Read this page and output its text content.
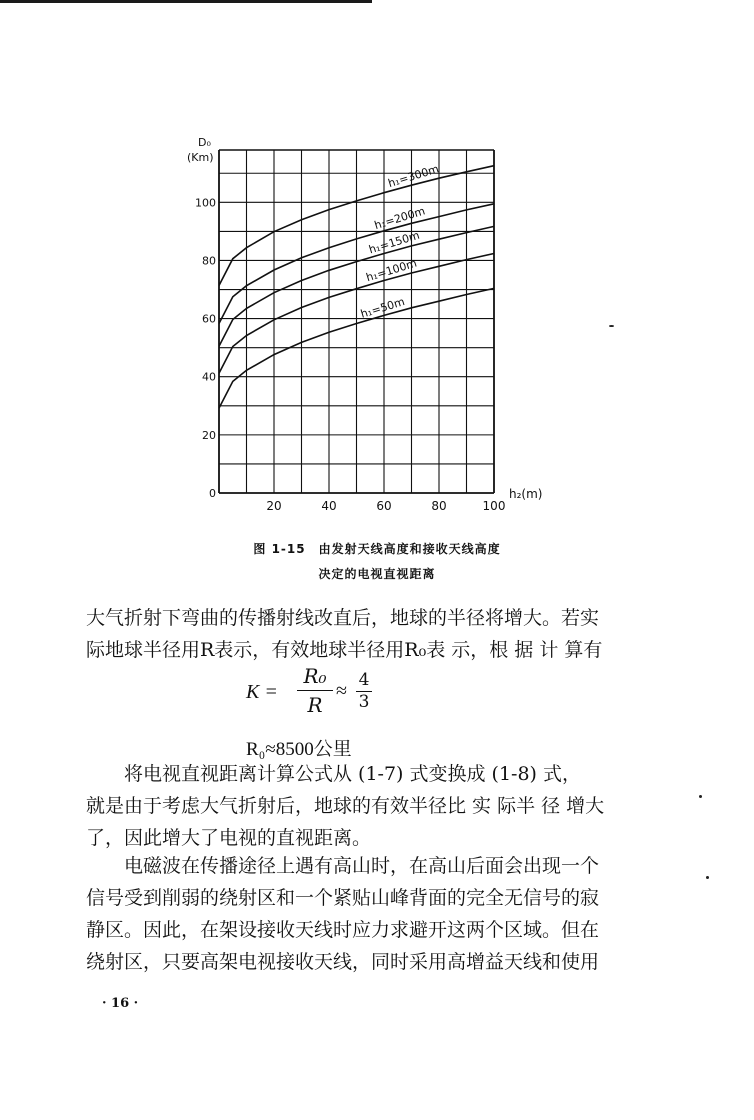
D₀
(Km)
h₂(m)
20	40	60	80	100
0
20
40
60
80
100
h₁=300m
h₁=200m
h₁=150m
h₁=100m
h₁=50m
图 1-15　由发射天线高度和接收天线高度
决定的电视直视距离

大气折射下弯曲的传播射线改直后，地球的半径将增大。若实
际地球半径用R表示，有效地球半径用R₀表 示，根 据 计 算有

$K = \frac{\text{R₀}}{R} \approx 4$
3
R₀≈8500公里

将电视直视距离计算公式从 (1-7) 式变换成 (1-8) 式，
就是由于考虑大气折射后，地球的有效半径比 实 际半 径 增大
了，因此增大了电视的直视距离。

电磁波在传播途径上遇有高山时，在高山后面会出现一个
信号受到削弱的绕射区和一个紧贴山峰背面的完全无信号的寂
静区。因此，在架设接收天线时应力求避开这两个区域。但在
绕射区，只要高架电视接收天线，同时采用高增益天线和使用

· 16 ·
